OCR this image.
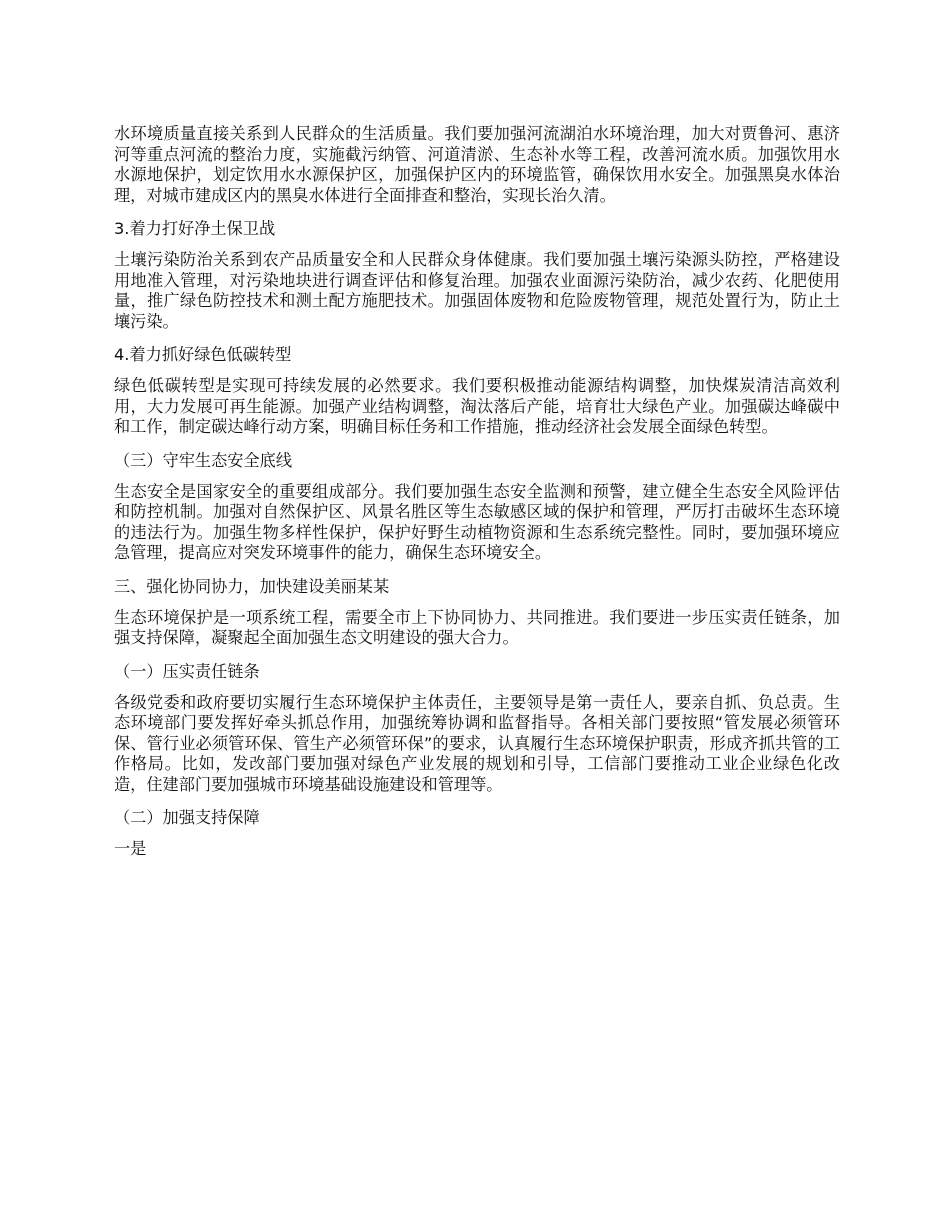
水环境质量直接关系到人民群众的生活质量。我们要加强河流湖泊水环境治理，加大对贾鲁河、惠济河等重点河流的整治力度，实施截污纳管、河道清淤、生态补水等工程，改善河流水质。加强饮用水水源地保护，划定饮用水水源保护区，加强保护区内的环境监管，确保饮用水安全。加强黑臭水体治理，对城市建成区内的黑臭水体进行全面排查和整治，实现长治久清。

3.着力打好净土保卫战

土壤污染防治关系到农产品质量安全和人民群众身体健康。我们要加强土壤污染源头防控，严格建设用地准入管理，对污染地块进行调查评估和修复治理。加强农业面源污染防治，减少农药、化肥使用量，推广绿色防控技术和测土配方施肥技术。加强固体废物和危险废物管理，规范处置行为，防止土壤污染。

4.着力抓好绿色低碳转型

绿色低碳转型是实现可持续发展的必然要求。我们要积极推动能源结构调整，加快煤炭清洁高效利用，大力发展可再生能源。加强产业结构调整，淘汰落后产能，培育壮大绿色产业。加强碳达峰碳中和工作，制定碳达峰行动方案，明确目标任务和工作措施，推动经济社会发展全面绿色转型。

（三）守牢生态安全底线

生态安全是国家安全的重要组成部分。我们要加强生态安全监测和预警，建立健全生态安全风险评估和防控机制。加强对自然保护区、风景名胜区等生态敏感区域的保护和管理，严厉打击破坏生态环境的违法行为。加强生物多样性保护，保护好野生动植物资源和生态系统完整性。同时，要加强环境应急管理，提高应对突发环境事件的能力，确保生态环境安全。

三、强化协同协力，加快建设美丽某某

生态环境保护是一项系统工程，需要全市上下协同协力、共同推进。我们要进一步压实责任链条，加强支持保障，凝聚起全面加强生态文明建设的强大合力。

（一）压实责任链条

各级党委和政府要切实履行生态环境保护主体责任，主要领导是第一责任人，要亲自抓、负总责。生态环境部门要发挥好牵头抓总作用，加强统筹协调和监督指导。各相关部门要按照“管发展必须管环保、管行业必须管环保、管生产必须管环保”的要求，认真履行生态环境保护职责，形成齐抓共管的工作格局。比如，发改部门要加强对绿色产业发展的规划和引导，工信部门要推动工业企业绿色化改造，住建部门要加强城市环境基础设施建设和管理等。

（二）加强支持保障

一是
